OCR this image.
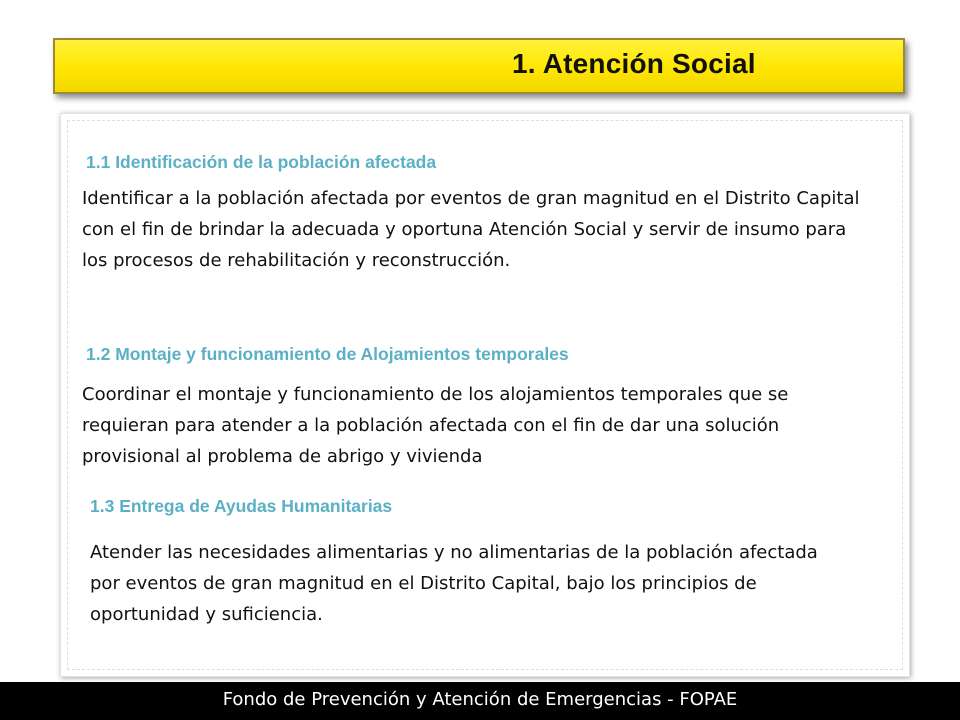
1. Atención Social
1.1 Identificación de la población afectada
Identificar a la población afectada por eventos de gran magnitud en el Distrito Capital con el fin de brindar la adecuada y oportuna Atención Social y servir de insumo para los procesos de rehabilitación y reconstrucción.
1.2 Montaje y funcionamiento de Alojamientos temporales
Coordinar el montaje y funcionamiento de los alojamientos temporales que se requieran para atender a la población afectada con el fin de dar una solución provisional al problema de abrigo y vivienda
1.3 Entrega de Ayudas Humanitarias
Atender las necesidades alimentarias y no alimentarias de la población afectada por eventos de gran magnitud en el Distrito Capital, bajo los principios de oportunidad y suficiencia.
Fondo de Prevención y Atención de Emergencias - FOPAE
